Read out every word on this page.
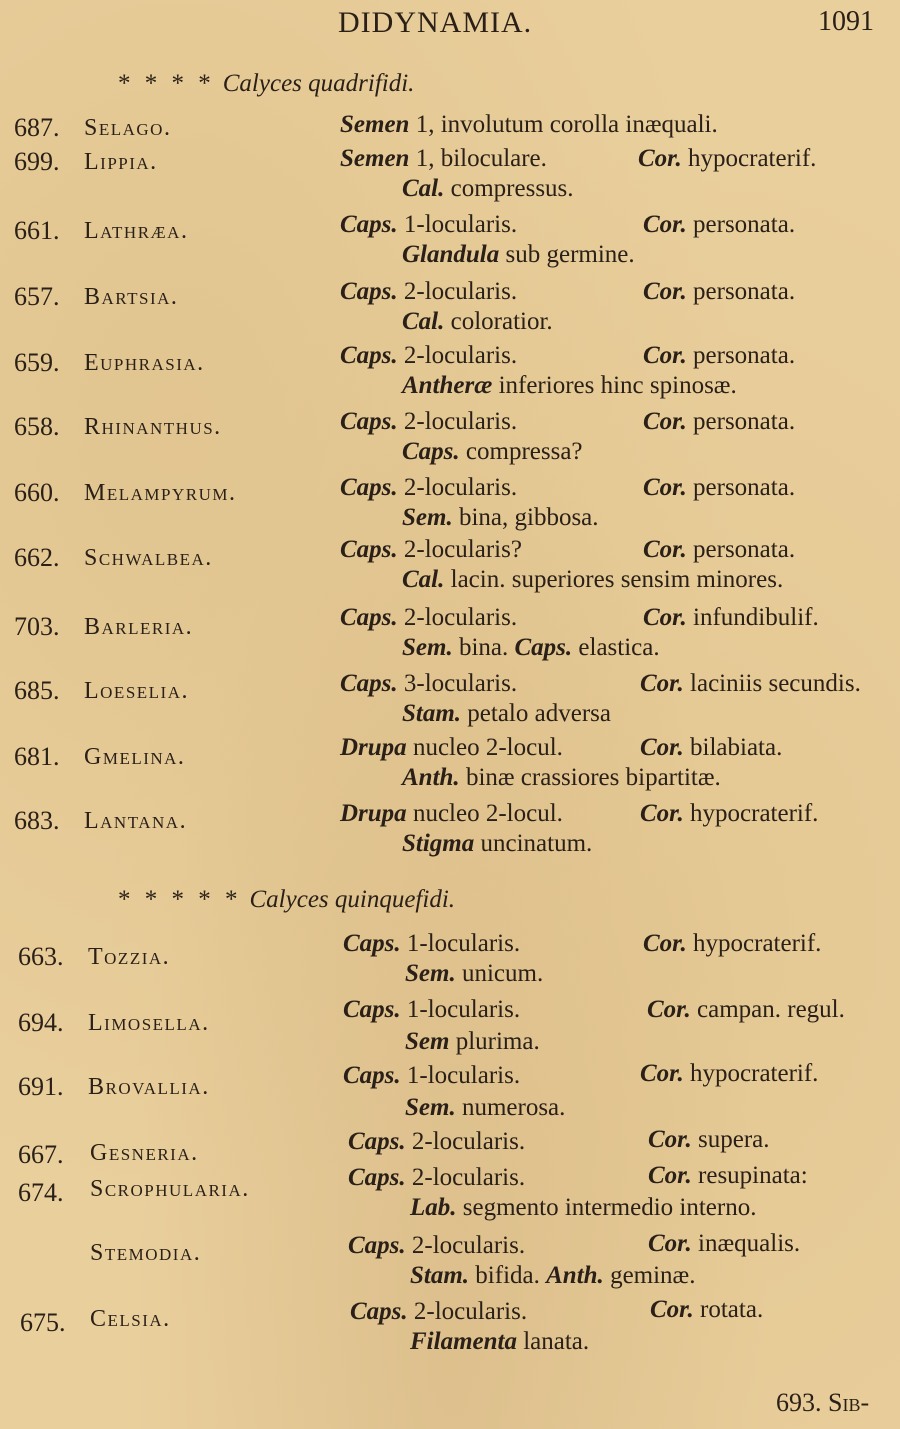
DIDYNAMIA.	1091
* * * * Calyces quadrifidi.
687. Selago.	Semen 1, involutum corolla inæquali.
699. Lippia.	Semen 1, biloculare.	Cor. hypocraterif.
Cal. compressus.
661. Lathræa.	Caps. 1-locularis.	Cor. personata.
Glandula sub germine.
657. Bartsia.	Caps. 2-locularis.	Cor. personata.
Cal. coloratior.
659. Euphrasia.	Caps. 2-locularis.	Cor. personata.
Antheræ inferiores hinc spinosæ.
658. Rhinanthus.	Caps. 2-locularis.	Cor. personata.
Caps. compressa?
660. Melampyrum.	Caps. 2-locularis.	Cor. personata.
Sem. bina, gibbosa.
662. Schwalbea.	Caps. 2-locularis?	Cor. personata.
Cal. lacin. superiores sensim minores.
703. Barleria.	Caps. 2-locularis.	Cor. infundibulif.
Sem. bina. Caps. elastica.
685. Loeselia.	Caps. 3-locularis.	Cor. laciniis secundis.
Stam. petalo adversa
681. Gmelina.	Drupa nucleo 2-locul.	Cor. bilabiata.
Anth. binæ crassiores bipartitæ.
683. Lantana.	Drupa nucleo 2-locul.	Cor. hypocraterif.
Stigma uncinatum.
* * * * * Calyces quinquefidi.
663. Tozzia.	Caps. 1-locularis.	Cor. hypocraterif.
Sem. unicum.
694. Limosella.	Caps. 1-locularis.	Cor. campan. regul.
Sem plurima.
691. Brovallia.	Caps. 1-locularis.	Cor. hypocraterif.
Sem. numerosa.
667. Gesneria.	Caps. 2-locularis.	Cor. supera.
674. Scrophularia.	Caps. 2-locularis.	Cor. resupinata:
Lab. segmento intermedio interno.
Stemodia.	Caps. 2-locularis.	Cor. inæqualis.
Stam. bifida. Anth. geminæ.
675. Celsia.	Caps. 2-locularis.	Cor. rotata.
Filamenta lanata.
693. Sib-
